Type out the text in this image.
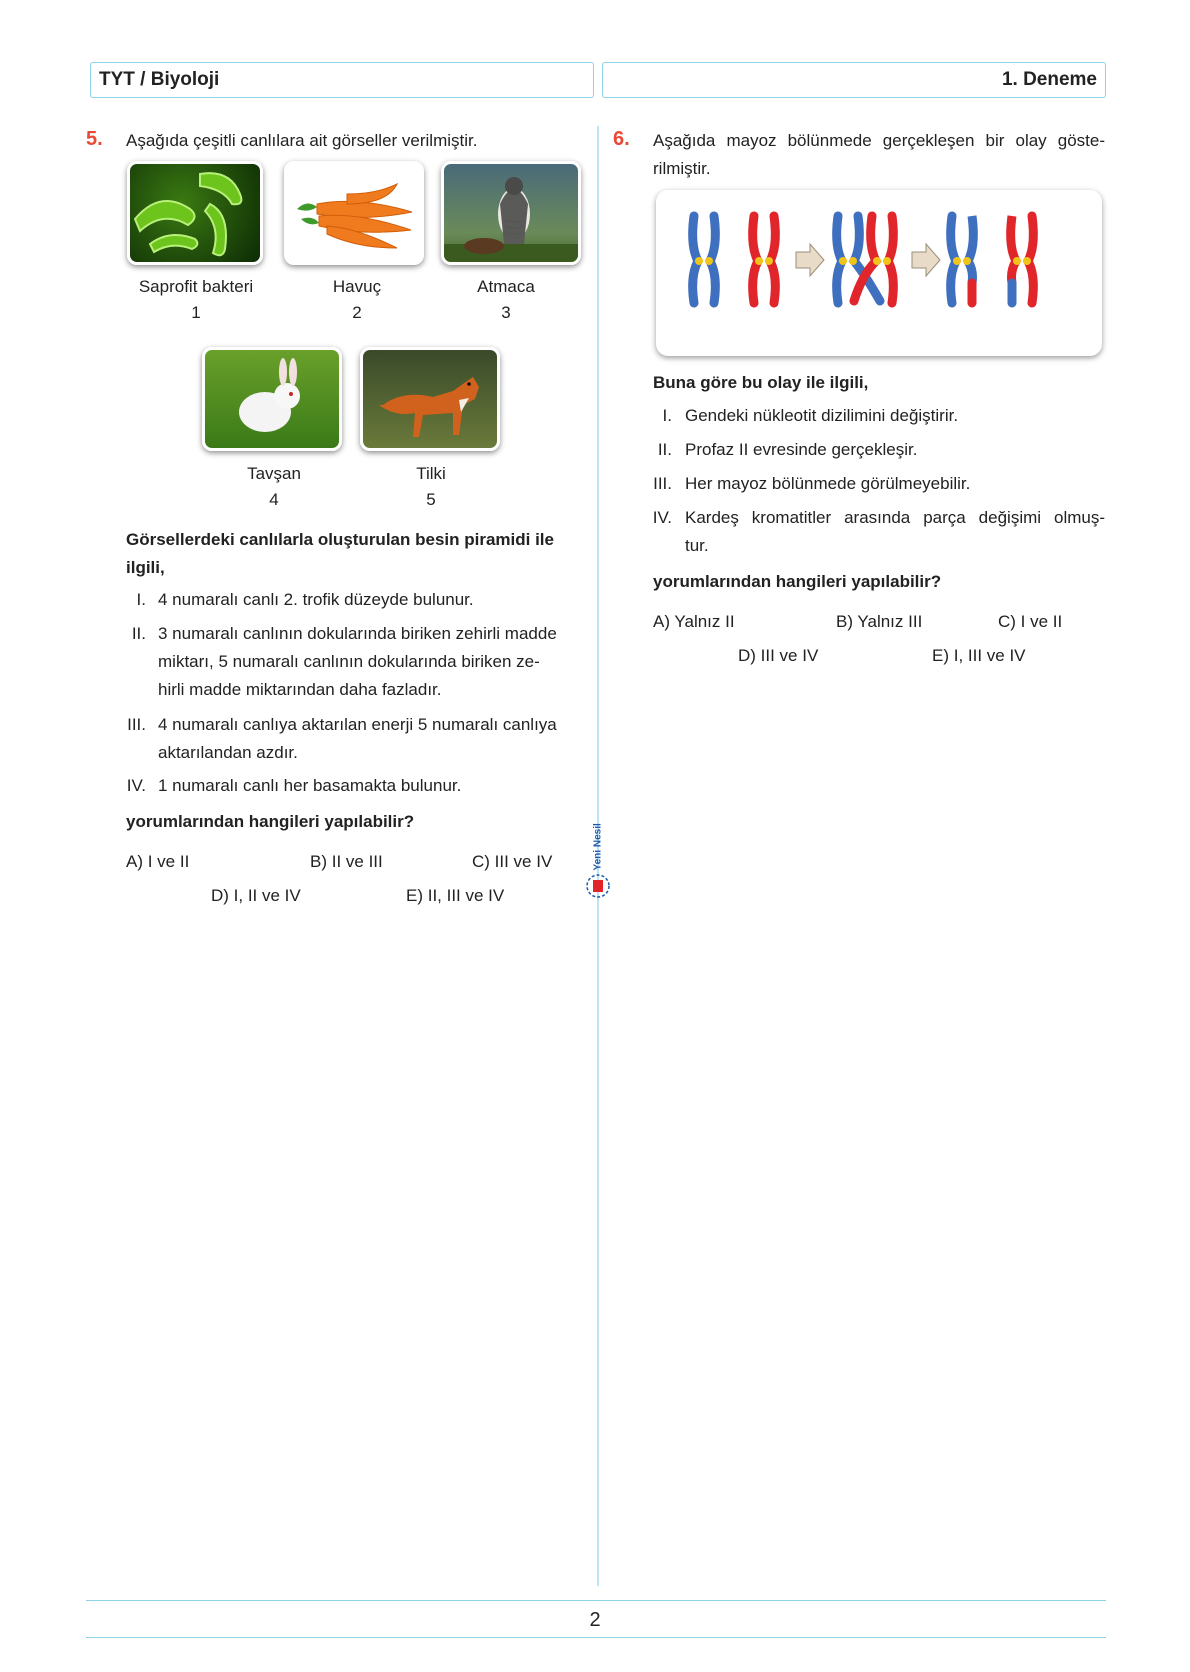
TYT / Biyoloji	1. Deneme
5. Aşağıda çeşitli canlılara ait görseller verilmiştir.
Saprofit bakteri
1
Havuç
2
Atmaca
3
Tavşan
4
Tilki
5
Görsellerdeki canlılarla oluşturulan besin piramidi ile
ilgili,
I. 4 numaralı canlı 2. trofik düzeyde bulunur.
II. 3 numaralı canlının dokularında biriken zehirli madde
miktarı, 5 numaralı canlının dokularında biriken ze-
hirli madde miktarından daha fazladır.
III. 4 numaralı canlıya aktarılan enerji 5 numaralı canlıya
aktarılandan azdır.
IV. 1 numaralı canlı her basamakta bulunur.
yorumlarından hangileri yapılabilir?
A) I ve II	B) II ve III	C) III ve IV
D) I, II ve IV	E) II, III ve IV
Yeni Nesil
6. Aşağıda mayoz bölünmede gerçekleşen bir olay göste-
rilmiştir.
Buna göre bu olay ile ilgili,
I. Gendeki nükleotit dizilimini değiştirir.
II. Profaz II evresinde gerçekleşir.
III. Her mayoz bölünmede görülmeyebilir.
IV. Kardeş kromatitler arasında parça değişimi olmuş-
tur.
yorumlarından hangileri yapılabilir?
A) Yalnız II	B) Yalnız III	C) I ve II
D) III ve IV	E) I, III ve IV
2
